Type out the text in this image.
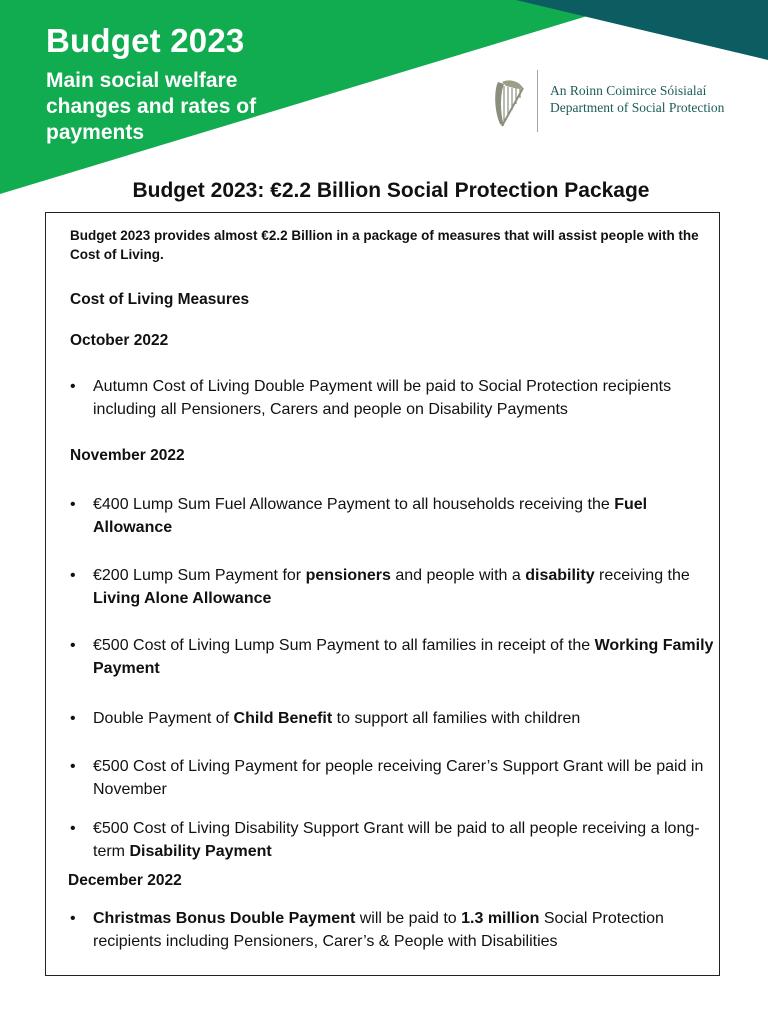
Budget 2023

Main social welfare changes and rates of payments

An Roinn Coimirce Sóisialaí
Department of Social Protection
Budget 2023: €2.2 Billion Social Protection Package

Budget 2023 provides almost €2.2 Billion in a package of measures that will assist people with the Cost of Living.

Cost of Living Measures

October 2022

•	Autumn Cost of Living Double Payment will be paid to Social Protection recipients including all Pensioners, Carers and people on Disability Payments

November 2022

•	€400 Lump Sum Fuel Allowance Payment to all households receiving the Fuel Allowance
•	€200 Lump Sum Payment for pensioners and people with a disability receiving the Living Alone Allowance
•	€500 Cost of Living Lump Sum Payment to all families in receipt of the Working Family Payment
•	Double Payment of Child Benefit to support all families with children
•	€500 Cost of Living Payment for people receiving Carer’s Support Grant will be paid in November
•	€500 Cost of Living Disability Support Grant will be paid to all people receiving a long-term Disability Payment

December 2022

•	Christmas Bonus Double Payment will be paid to 1.3 million Social Protection recipients including Pensioners, Carer’s & People with Disabilities
